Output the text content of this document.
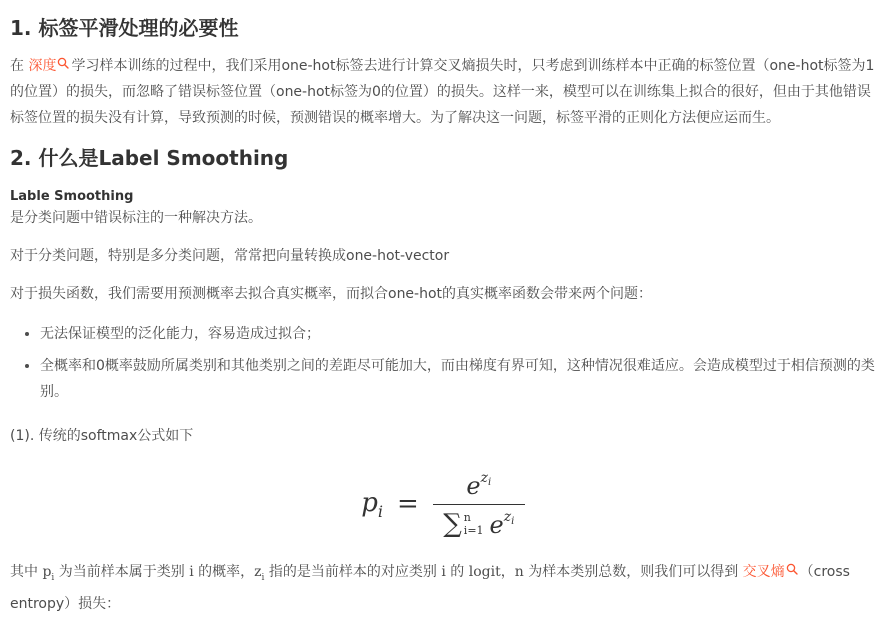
1. 标签平滑处理的必要性

在 深度 学习样本训练的过程中，我们采用one-hot标签去进行计算交叉熵损失时，只考虑到训练样本中正确的标签位置（one-hot标签为1的位置）的损失，而忽略了错误标签位置（one-hot标签为0的位置）的损失。这样一来，模型可以在训练集上拟合的很好，但由于其他错误标签位置的损失没有计算，导致预测的时候，预测错误的概率增大。为了解决这一问题，标签平滑的正则化方法便应运而生。

2. 什么是Label Smoothing
Lable Smoothing

是分类问题中错误标注的一种解决方法。

对于分类问题，特别是多分类问题，常常把向量转换成one-hot-vector

对于损失函数，我们需要用预测概率去拟合真实概率，而拟合one-hot的真实概率函数会带来两个问题：

• 无法保证模型的泛化能力，容易造成过拟合；
• 全概率和0概率鼓励所属类别和其他类别之间的差距尽可能加大，而由梯度有界可知，这种情况很难适应。会造成模型过于相信预测的类别。

(1). 传统的softmax公式如下

$p_i$ =
$e^{z_i}$
∑ n
i=1 $e^{z_i}$

其中 $p_i$ 为当前样本属于类别 i 的概率，$z_i$ 指的是当前样本的对应类别 i 的 logit，n 为样本类别总数，则我们可以得到 交叉熵 （cross entropy）损失：
